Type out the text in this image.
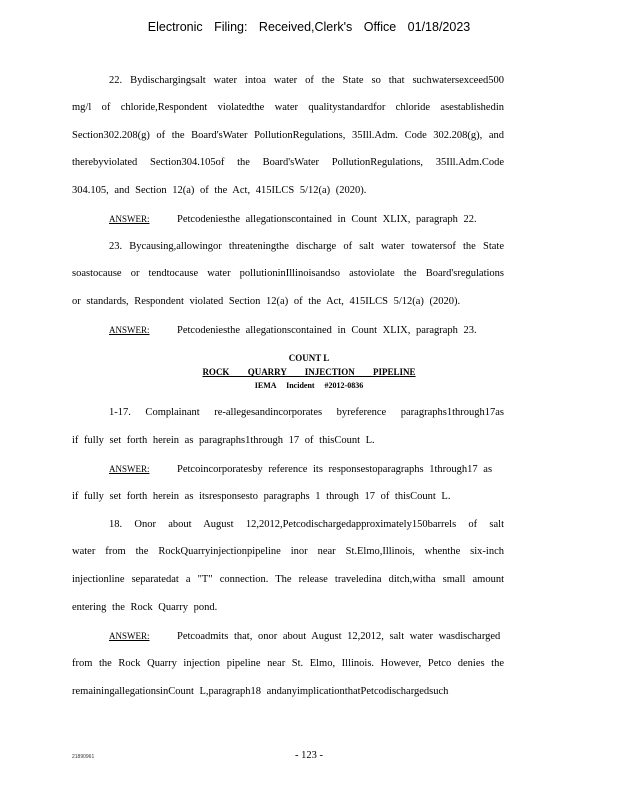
Electronic Filing: Received,Clerk's Office 01/18/2023
22. Bydischargingsalt water intoa water of the State so that suchwatersexceed500
mg/l of chloride,Respondent violatedthe water qualitystandardfor chloride asestablishedin
Section302.208(g) of the Board'sWater PollutionRegulations, 35Ill.Adm. Code 302.208(g), and
therebyviolated Section304.105of the Board'sWater PollutionRegulations, 35Ill.Adm.Code
304.105, and Section 12(a) of the Act, 415ILCS 5/12(a) (2020).
ANSWER:	Petcodeniesthe allegationscontained in Count XLIX, paragraph 22.
23. Bycausing,allowingor threateningthe discharge of salt water towatersof the State
soastocause or tendtocause water pollutioninIllinoisandso astoviolate the Board'sregulations
or standards, Respondent violated Section 12(a) of the Act, 415ILCS 5/12(a) (2020).
ANSWER:	Petcodeniesthe allegationscontained in Count XLIX, paragraph 23.
COUNT L
ROCK QUARRY INJECTION PIPELINE
IEMA Incident #2012-0836
1-17. Complainant re-allegesandincorporates byreference paragraphs1through17as
if fully set forth herein as paragraphs1through 17 of thisCount L.
ANSWER:	Petcoincorporatesby reference its responsestoparagraphs 1through17 as
if fully set forth herein as itsresponsesto paragraphs 1 through 17 of thisCount L.
18. Onor about August 12,2012,Petcodischargedapproximately150barrels of salt
water from the RockQuarryinjectionpipeline inor near St.Elmo,Illinois, whenthe six-inch
injectionline separatedat a "T" connection. The release traveledina ditch,witha small amount
entering the Rock Quarry pond.
ANSWER:	Petcoadmits that, onor about August 12,2012, salt water wasdischarged
from the Rock Quarry injection pipeline near St. Elmo, Illinois. However, Petco denies the
remainingallegationsinCount L,paragraph18 andanyimplicationthatPetcodischargedsuch
21890961	- 123 -
